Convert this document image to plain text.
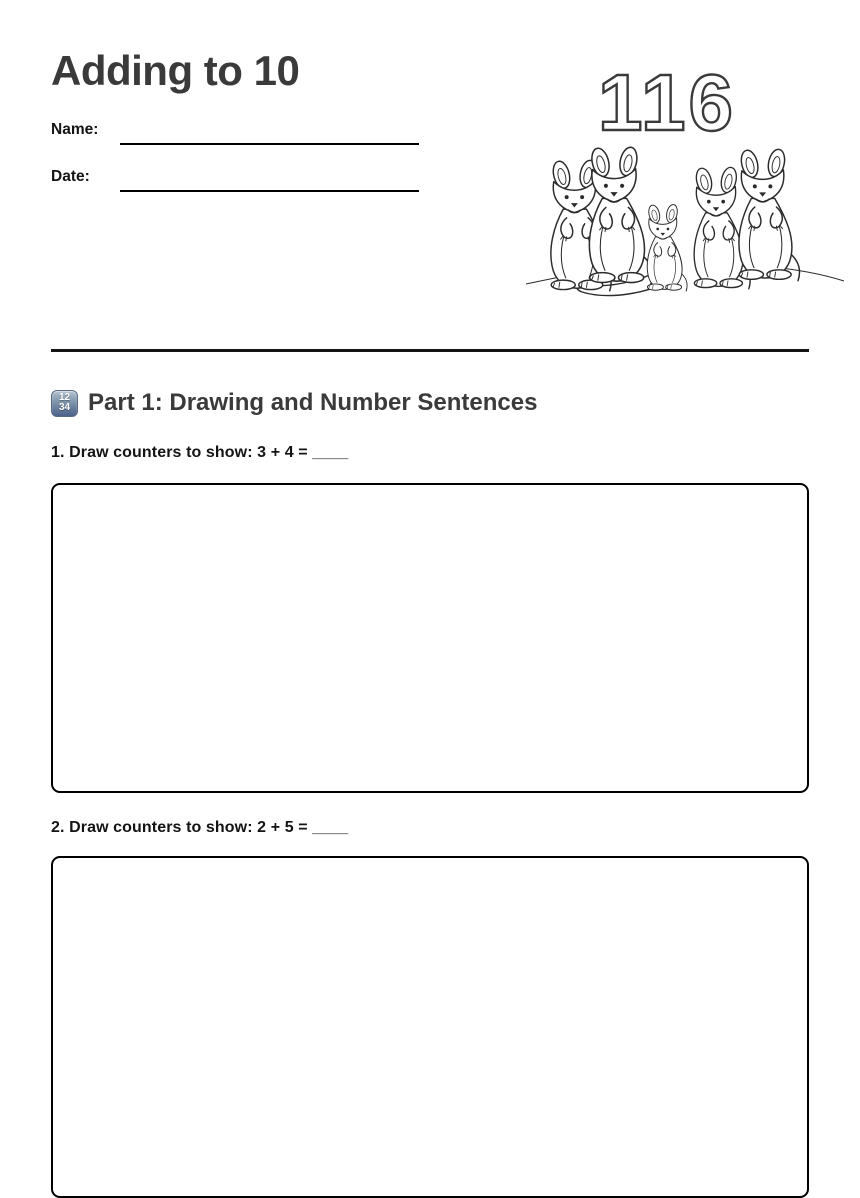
Adding to 10
Name:
Date:
116
12
34 Part 1: Drawing and Number Sentences
1. Draw counters to show: 3 + 4 = ____
2. Draw counters to show: 2 + 5 = ____
